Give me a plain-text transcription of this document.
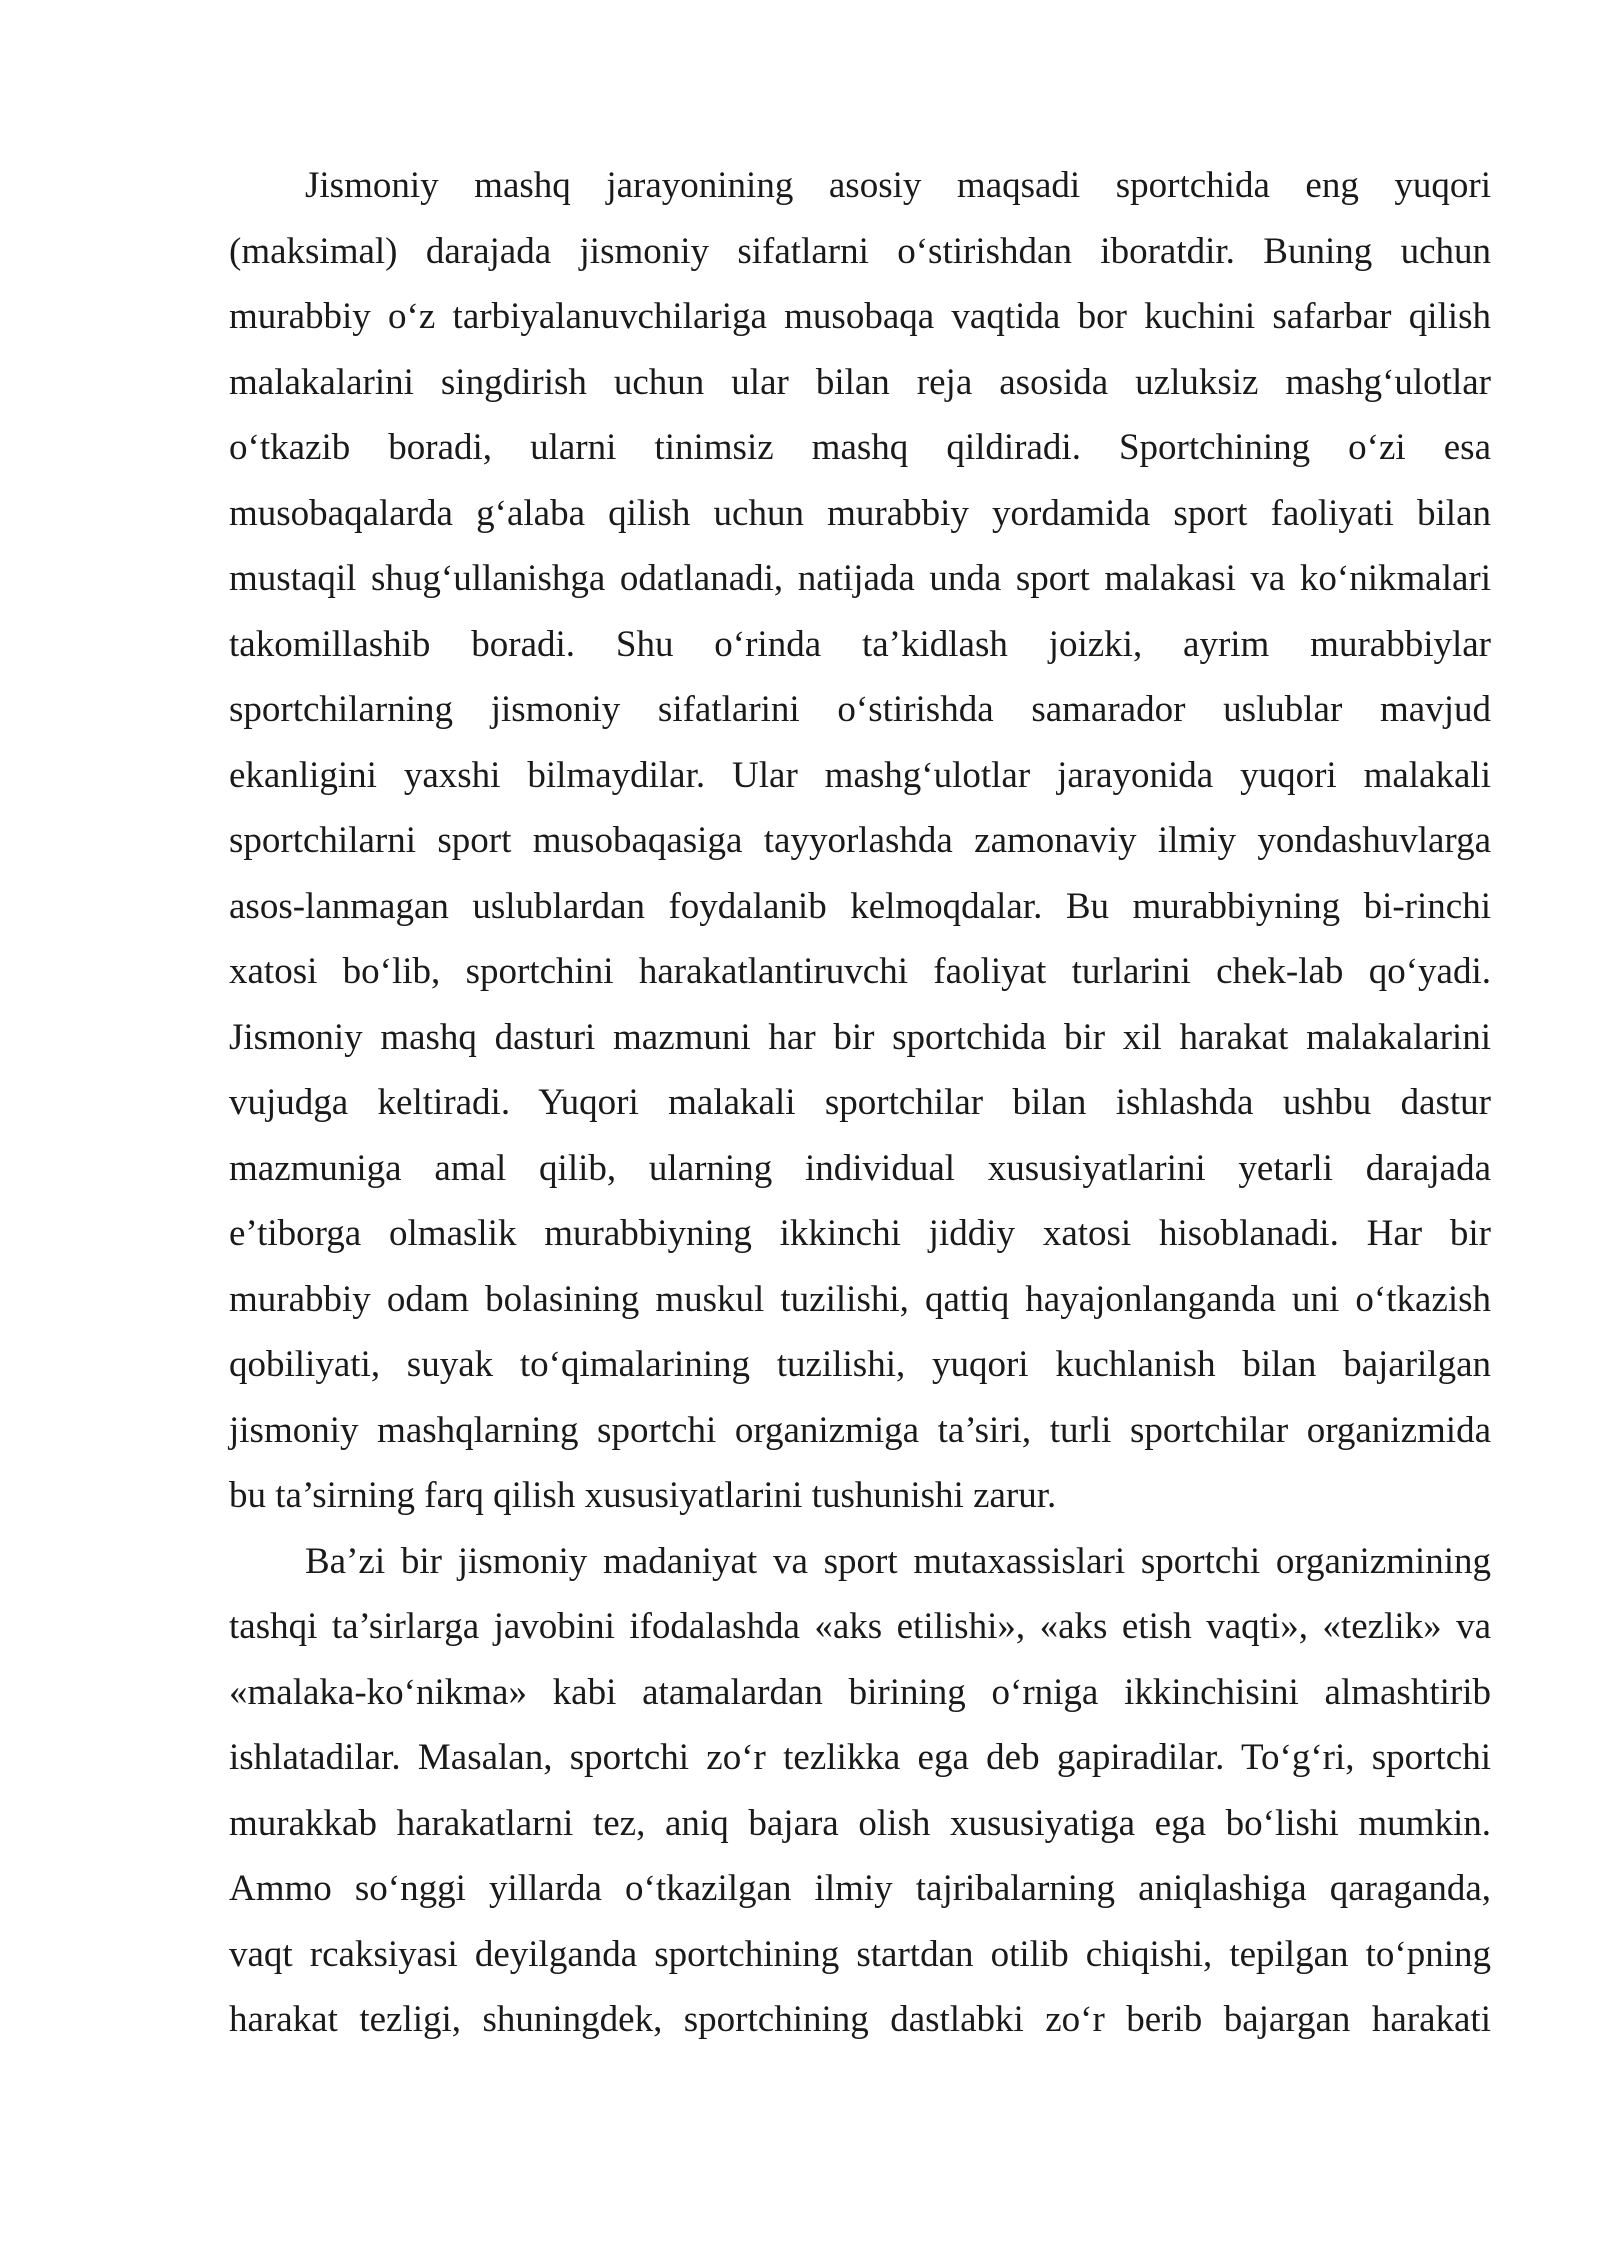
Jismoniy mashq jarayonining asosiy maqsadi sportchida eng yuqori
(maksimal) darajada jismoniy sifatlarni o‘stirishdan iboratdir. Buning uchun
murabbiy o‘z tarbiyalanuvchilariga musobaqa vaqtida bor kuchini safarbar qilish
malakalarini singdirish uchun ular bilan reja asosida uzluksiz mashg‘ulotlar
o‘tkazib boradi, ularni tinimsiz mashq qildiradi. Sportchining o‘zi esa
musobaqalarda g‘alaba qilish uchun murabbiy yordamida sport faoliyati bilan
mustaqil shug‘ullanishga odatlanadi, natijada unda sport malakasi va ko‘nikmalari
takomillashib boradi. Shu o‘rinda ta’kidlash joizki, ayrim murabbiylar
sportchilarning jismoniy sifatlarini o‘stirishda samarador uslublar mavjud
ekanligini yaxshi bilmaydilar. Ular mashg‘ulotlar jarayonida yuqori malakali
sportchilarni sport musobaqasiga tayyorlashda zamonaviy ilmiy yondashuvlarga
asos-lanmagan uslublardan foydalanib kelmoqdalar. Bu murabbiyning bi-rinchi
xatosi bo‘lib, sportchini harakatlantiruvchi faoliyat turlarini chek-lab qo‘yadi.
Jismoniy mashq dasturi mazmuni har bir sportchida bir xil harakat malakalarini
vujudga keltiradi. Yuqori malakali sportchilar bilan ishlashda ushbu dastur
mazmuniga amal qilib, ularning individual xususiyatlarini yetarli darajada
e’tiborga olmaslik murabbiyning ikkinchi jiddiy xatosi hisoblanadi. Har bir
murabbiy odam bolasining muskul tuzilishi, qattiq hayajonlanganda uni o‘tkazish
qobiliyati, suyak to‘qimalarining tuzilishi, yuqori kuchlanish bilan bajarilgan
jismoniy mashqlarning sportchi organizmiga ta’siri, turli sportchilar organizmida
bu ta’sirning farq qilish xususiyatlarini tushunishi zarur.
Ba’zi bir jismoniy madaniyat va sport mutaxassislari sportchi organizmining
tashqi ta’sirlarga javobini ifodalashda «aks etilishi», «aks etish vaqti», «tezlik» va
«malaka-ko‘nikma» kabi atamalardan birining o‘rniga ikkinchisini almashtirib
ishlatadilar. Masalan, sportchi zo‘r tezlikka ega deb gapiradilar. To‘g‘ri, sportchi
murakkab harakatlarni tez, aniq bajara olish xususiyatiga ega bo‘lishi mumkin.
Ammo so‘nggi yillarda o‘tkazilgan ilmiy tajribalarning aniqlashiga qaraganda,
vaqt rcaksiyasi deyilganda sportchining startdan otilib chiqishi, tepilgan to‘pning
harakat tezligi, shuningdek, sportchining dastlabki zo‘r berib bajargan harakati
